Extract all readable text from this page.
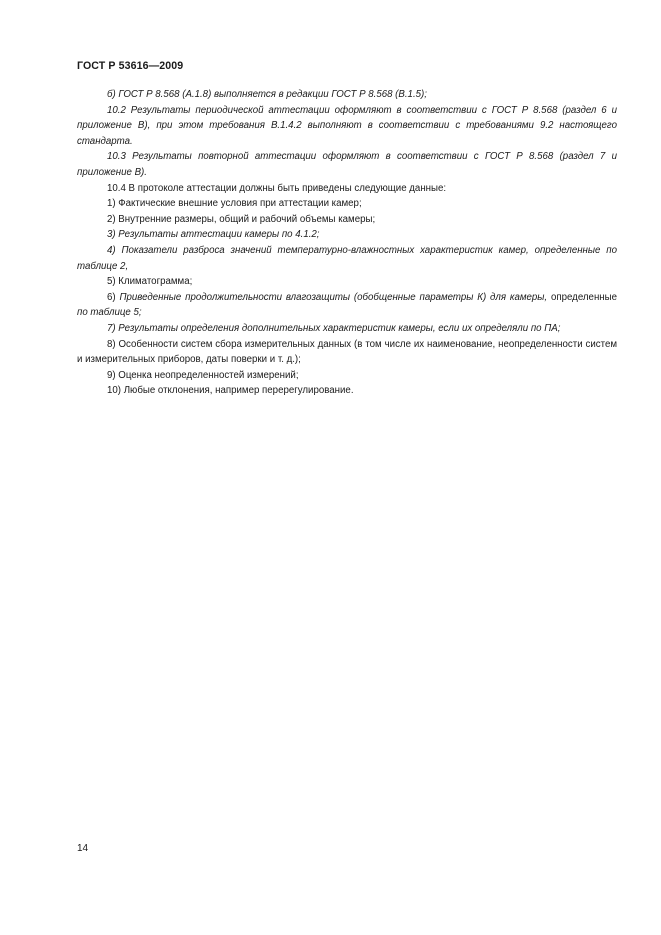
ГОСТ Р 53616—2009

б) ГОСТ Р 8.568 (А.1.8) выполняется в редакции ГОСТ Р 8.568 (В.1.5);

10.2 Результаты периодической аттестации оформляют в соответствии с ГОСТ Р 8.568 (раздел 6 и приложение В), при этом требования В.1.4.2 выполняют в соответствии с требованиями 9.2 настоящего стандарта.

10.3 Результаты повторной аттестации оформляют в соответствии с ГОСТ Р 8.568 (раздел 7 и приложение В).

10.4 В протоколе аттестации должны быть приведены следующие данные:

1) Фактические внешние условия при аттестации камер;

2) Внутренние размеры, общий и рабочий объемы камеры;

3) Результаты аттестации камеры по 4.1.2;

4) Показатели разброса значений температурно-влажностных характеристик камер, определенные по таблице 2,

5) Климатограмма;

6) Приведенные продолжительности влагозащиты (обобщенные параметры К) для камеры, определенные по таблице 5;

7) Результаты определения дополнительных характеристик камеры, если их определяли по ПА;

8) Особенности систем сбора измерительных данных (в том числе их наименование, неопределенности систем и измерительных приборов, даты поверки и т. д.);

9) Оценка неопределенностей измерений;

10) Любые отклонения, например перерегулирование.

14
